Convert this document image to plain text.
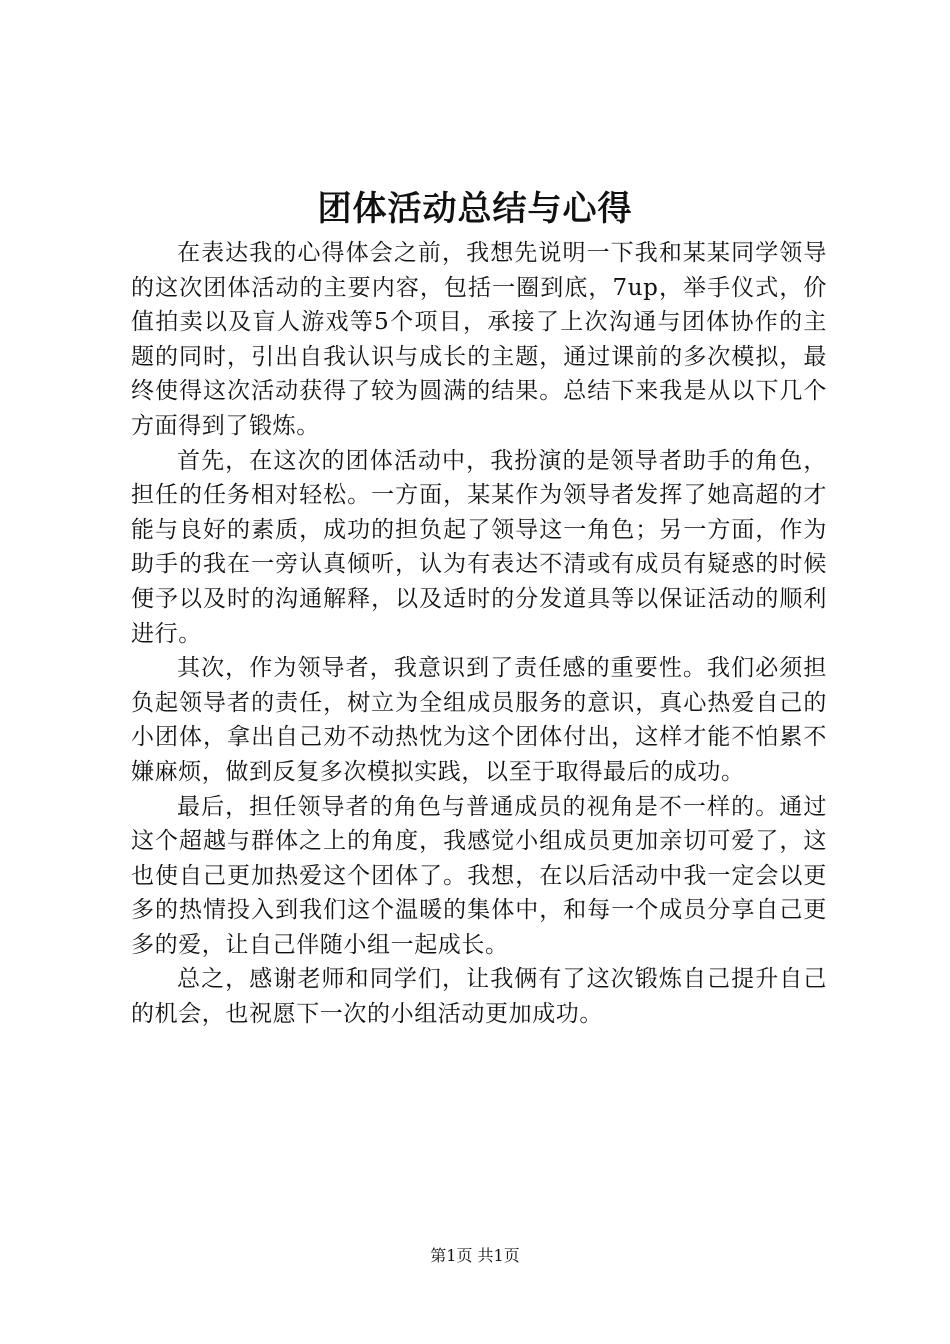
团体活动总结与心得

在表达我的心得体会之前，我想先说明一下我和某某同学领导的这次团体活动的主要内容，包括一圈到底，7up，举手仪式，价值拍卖以及盲人游戏等5个项目，承接了上次沟通与团体协作的主题的同时，引出自我认识与成长的主题，通过课前的多次模拟，最终使得这次活动获得了较为圆满的结果。总结下来我是从以下几个方面得到了锻炼。

首先，在这次的团体活动中，我扮演的是领导者助手的角色，担任的任务相对轻松。一方面，某某作为领导者发挥了她高超的才能与良好的素质，成功的担负起了领导这一角色；另一方面，作为助手的我在一旁认真倾听，认为有表达不清或有成员有疑惑的时候便予以及时的沟通解释，以及适时的分发道具等以保证活动的顺利进行。

其次，作为领导者，我意识到了责任感的重要性。我们必须担负起领导者的责任，树立为全组成员服务的意识，真心热爱自己的小团体，拿出自己劝不动热忱为这个团体付出，这样才能不怕累不嫌麻烦，做到反复多次模拟实践，以至于取得最后的成功。

最后，担任领导者的角色与普通成员的视角是不一样的。通过这个超越与群体之上的角度，我感觉小组成员更加亲切可爱了，这也使自己更加热爱这个团体了。我想，在以后活动中我一定会以更多的热情投入到我们这个温暖的集体中，和每一个成员分享自己更多的爱，让自己伴随小组一起成长。

总之，感谢老师和同学们，让我俩有了这次锻炼自己提升自己的机会，也祝愿下一次的小组活动更加成功。

第1页 共1页
